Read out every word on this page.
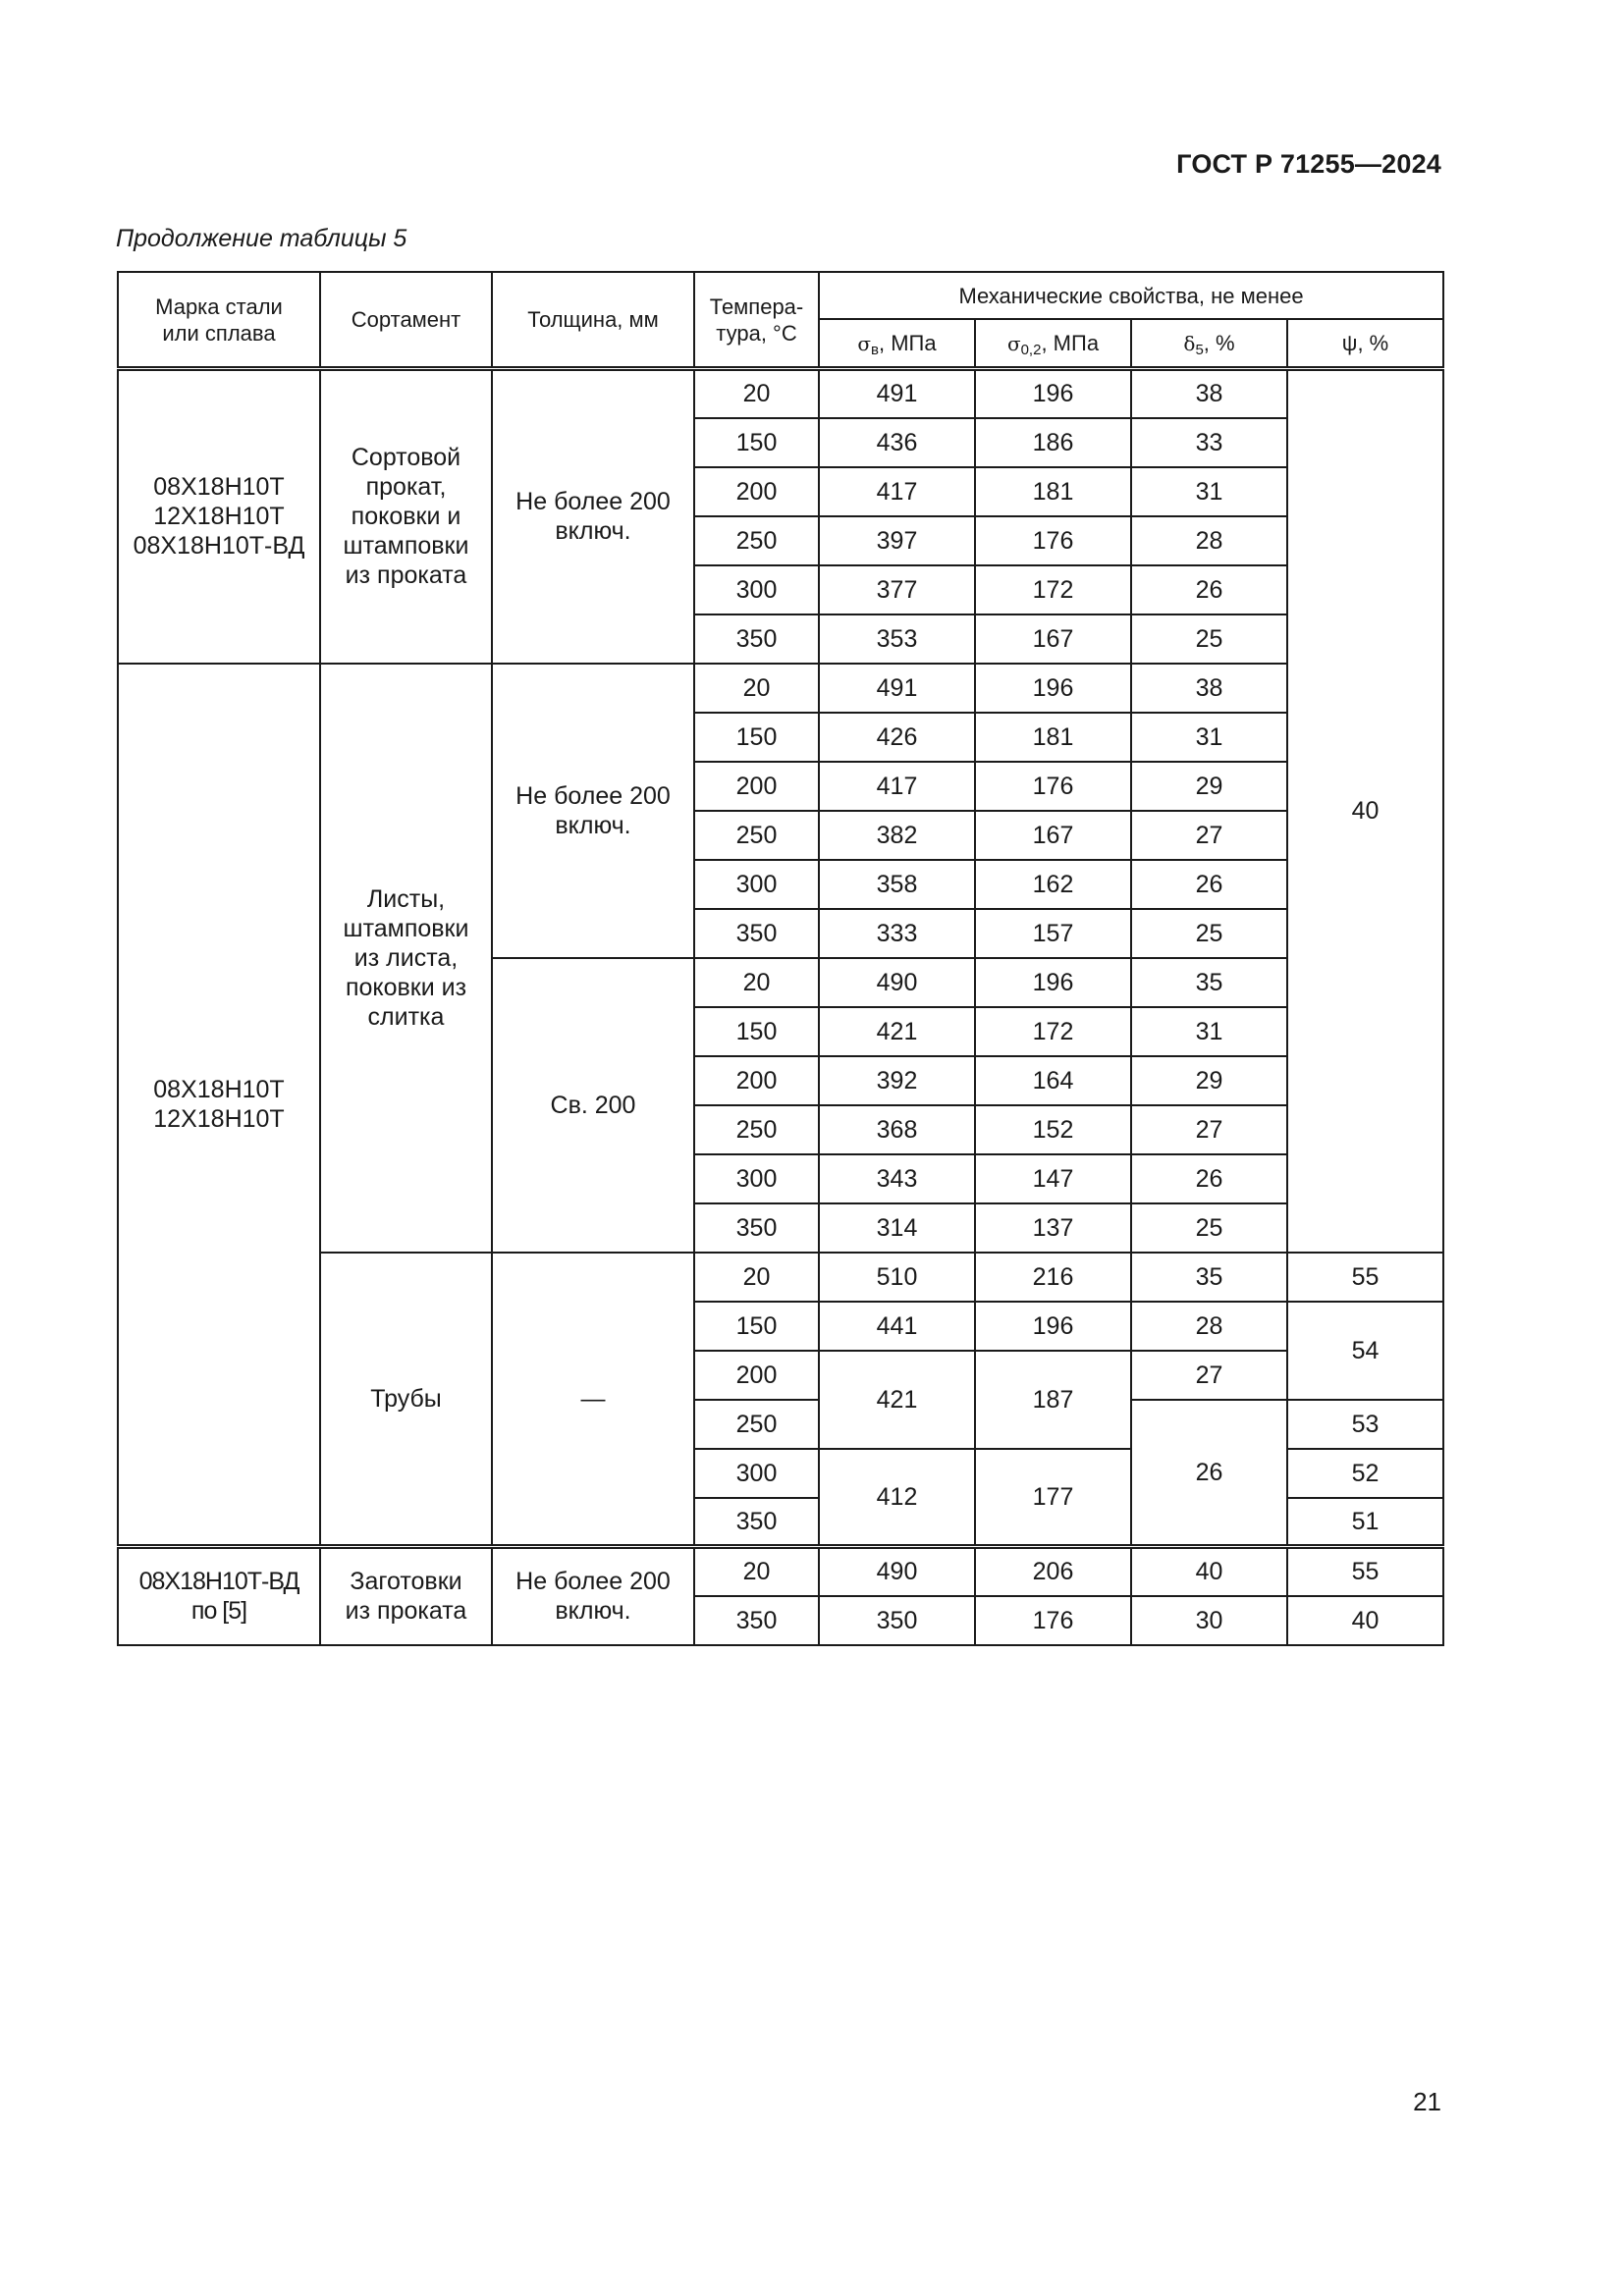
ГОСТ Р 71255—2024
Продолжение таблицы 5
Марка стали или сплава	Сортамент	Толщина, мм	Темпера-тура, °С	Механические свойства, не менее			
				$\sigma_в$, МПа	$\sigma_{0,2}$, МПа	$\delta_5$, %	ψ, %
08Х18Н10Т 12Х18Н10Т 08Х18Н10Т-ВД	Сортовой прокат, поковки и штамповки из проката	Не более 200 включ.	20	491	196	38	40
			150	436	186	33	
			200	417	181	31	
			250	397	176	28	
			300	377	172	26	
			350	353	167	25	
08Х18Н10Т 12Х18Н10Т	Листы, штамповки из листа, поковки из слитка	Не более 200 включ.	20	491	196	38	
			150	426	181	31	
			200	417	176	29	
			250	382	167	27	
			300	358	162	26	
			350	333	157	25	
		Св. 200	20	490	196	35	
			150	421	172	31	
			200	392	164	29	
			250	368	152	27	
			300	343	147	26	
			350	314	137	25	
	Трубы	—	20	510	216	35	55
			150	441	196	28	54
			200	421	187	27	
			250			26	53
			300	412	177		52
			350				51
08Х18Н10Т-ВД по [5]	Заготовки из проката	Не более 200 включ.	20	490	206	40	55
			350	350	176	30	40
21
